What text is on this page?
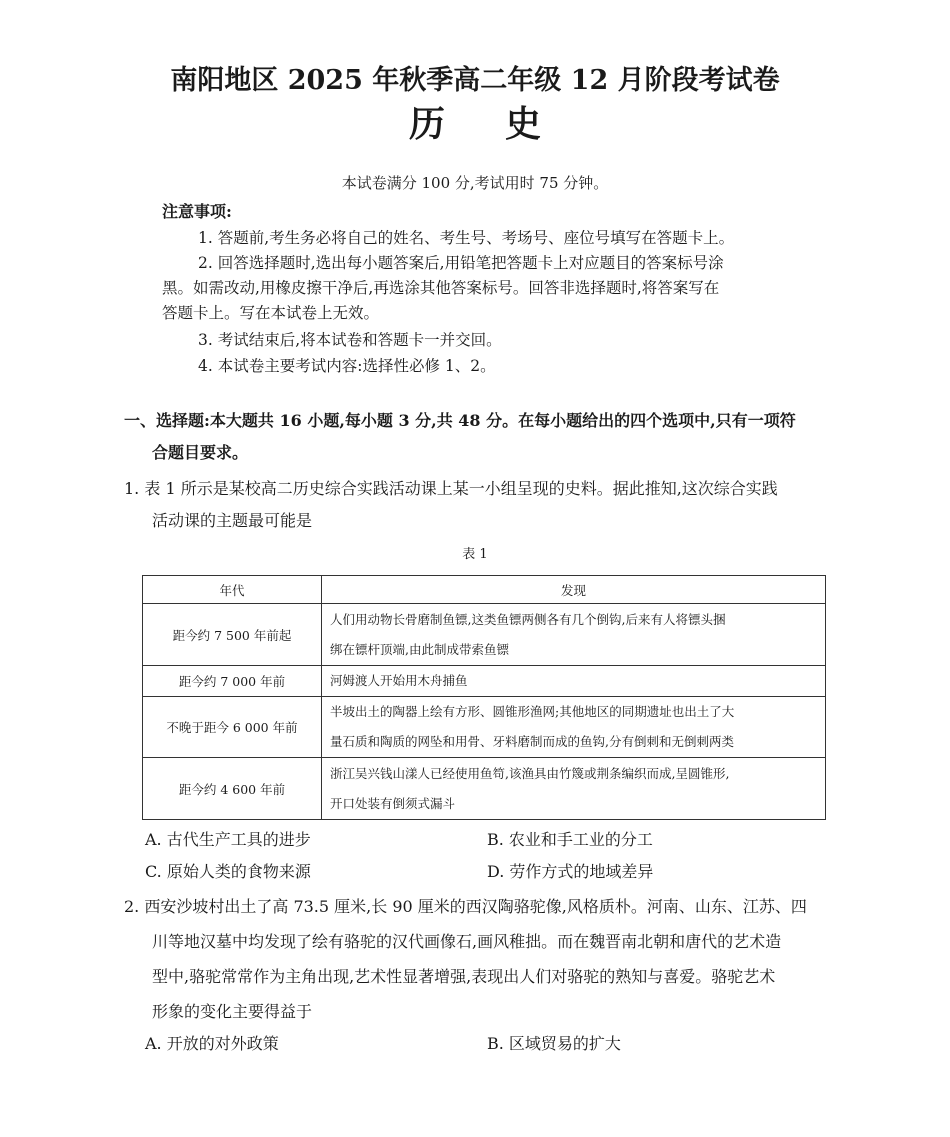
南阳地区 2025 年秋季高二年级 12 月阶段考试卷
历史
本试卷满分 100 分,考试用时 75 分钟。
注意事项:
1. 答题前,考生务必将自己的姓名、考生号、考场号、座位号填写在答题卡上。
2. 回答选择题时,选出每小题答案后,用铅笔把答题卡上对应题目的答案标号涂
黑。如需改动,用橡皮擦干净后,再选涂其他答案标号。回答非选择题时,将答案写在
答题卡上。写在本试卷上无效。
3. 考试结束后,将本试卷和答题卡一并交回。
4. 本试卷主要考试内容:选择性必修 1、2。
一、选择题:本大题共 16 小题,每小题 3 分,共 48 分。在每小题给出的四个选项中,只有一项符
合题目要求。
1. 表 1 所示是某校高二历史综合实践活动课上某一小组呈现的史料。据此推知,这次综合实践
活动课的主题最可能是
表 1
年代	发现
距今约 7 500 年前起	人们用动物长骨磨制鱼镖,这类鱼镖两侧各有几个倒钩,后来有人将镖头捆
绑在镖杆顶端,由此制成带索鱼镖

距今约 7 000 年前	河姆渡人开始用木舟捕鱼

不晚于距今 6 000 年前	半坡出土的陶器上绘有方形、圆锥形渔网;其他地区的同期遗址也出土了大
量石质和陶质的网坠和用骨、牙料磨制而成的鱼钩,分有倒刺和无倒刺两类

距今约 4 600 年前	浙江吴兴钱山漾人已经使用鱼笱,该渔具由竹篾或荆条编织而成,呈圆锥形,
开口处装有倒须式漏斗
A. 古代生产工具的进步	B. 农业和手工业的分工
C. 原始人类的食物来源	D. 劳作方式的地域差异
2. 西安沙坡村出土了高 73.5 厘米,长 90 厘米的西汉陶骆驼像,风格质朴。河南、山东、江苏、四
川等地汉墓中均发现了绘有骆驼的汉代画像石,画风稚拙。而在魏晋南北朝和唐代的艺术造
型中,骆驼常常作为主角出现,艺术性显著增强,表现出人们对骆驼的熟知与喜爱。骆驼艺术
形象的变化主要得益于
A. 开放的对外政策	B. 区域贸易的扩大
